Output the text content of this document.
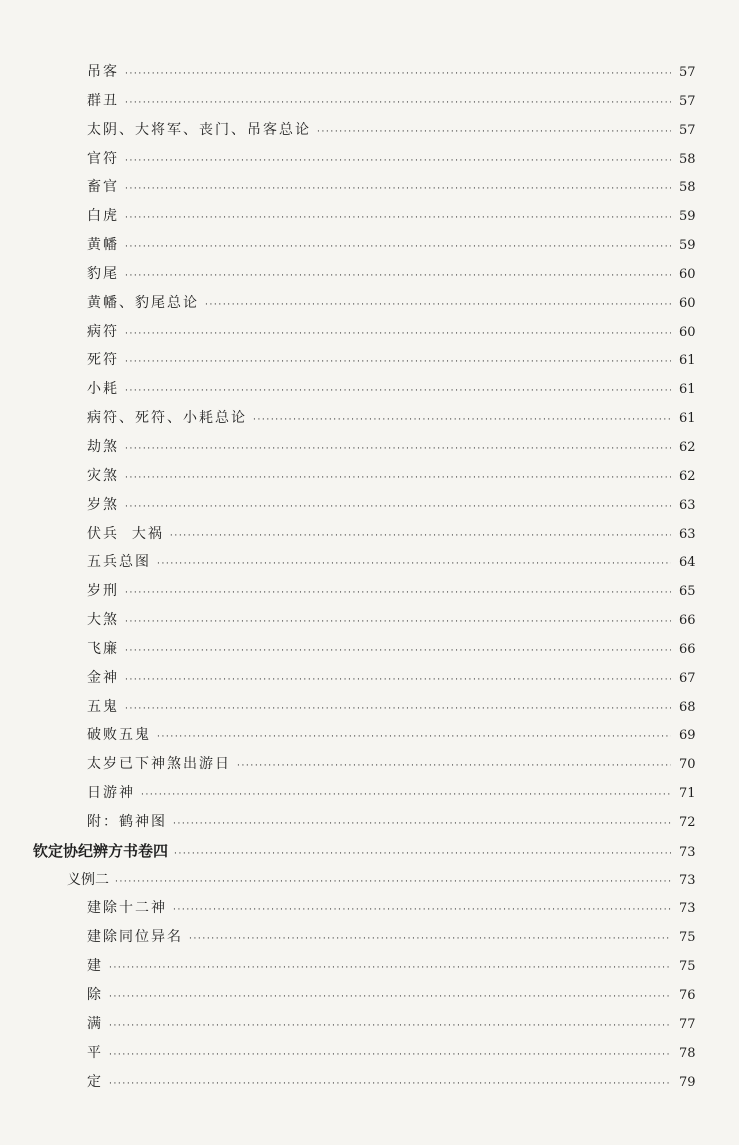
吊客 ·····	57
群丑 ·····	57
太阴、大将军、丧门、吊客总论 ·····	57
官符 ·····	58
畜官 ·····	58
白虎 ·····	59
黄幡 ·····	59
豹尾 ·····	60
黄幡、豹尾总论 ·····	60
病符 ·····	60
死符 ·····	61
小耗 ·····	61
病符、死符、小耗总论 ·····	61
劫煞 ·····	62
灾煞 ·····	62
岁煞 ·····	63
伏兵  大祸 ·····	63
五兵总图 ·····	64
岁刑 ·····	65
大煞 ·····	66
飞廉 ·····	66
金神 ·····	67
五鬼 ·····	68
破败五鬼 ·····	69
太岁已下神煞出游日 ·····	70
日游神 ·····	71
附：鹤神图 ·····	72
钦定协纪辨方书卷四 ·····	73
义例二 ·····	73
建除十二神 ·····	73
建除同位异名 ·····	75
建 ·····	75
除 ·····	76
满 ·····	77
平 ·····	78
定 ·····	79
